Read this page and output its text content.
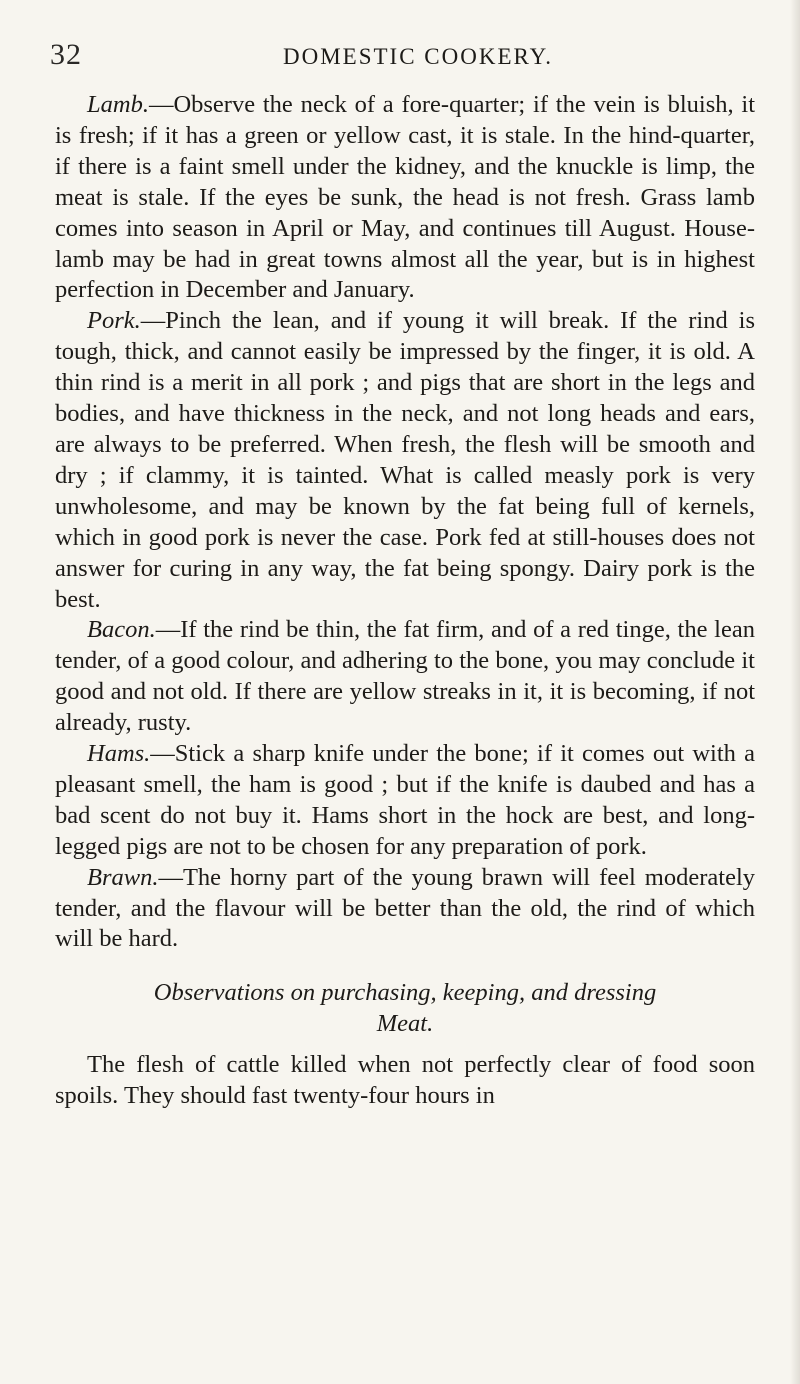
32	DOMESTIC COOKERY.

Lamb.—Observe the neck of a fore-quarter; if the vein is bluish, it is fresh; if it has a green or yellow cast, it is stale. In the hind-quarter, if there is a faint smell under the kidney, and the knuckle is limp, the meat is stale. If the eyes be sunk, the head is not fresh. Grass lamb comes into season in April or May, and continues till August. House-lamb may be had in great towns almost all the year, but is in highest perfection in December and January.

Pork.—Pinch the lean, and if young it will break. If the rind is tough, thick, and cannot easily be impressed by the finger, it is old. A thin rind is a merit in all pork ; and pigs that are short in the legs and bodies, and have thickness in the neck, and not long heads and ears, are always to be preferred. When fresh, the flesh will be smooth and dry ; if clammy, it is tainted. What is called measly pork is very unwholesome, and may be known by the fat being full of kernels, which in good pork is never the case. Pork fed at still-houses does not answer for curing in any way, the fat being spongy. Dairy pork is the best.

Bacon.—If the rind be thin, the fat firm, and of a red tinge, the lean tender, of a good colour, and adhering to the bone, you may conclude it good and not old. If there are yellow streaks in it, it is becoming, if not already, rusty.

Hams.—Stick a sharp knife under the bone; if it comes out with a pleasant smell, the ham is good ; but if the knife is daubed and has a bad scent do not buy it. Hams short in the hock are best, and long-legged pigs are not to be chosen for any preparation of pork.

Brawn.—The horny part of the young brawn will feel moderately tender, and the flavour will be better than the old, the rind of which will be hard.

Observations on purchasing, keeping, and dressing
Meat.

The flesh of cattle killed when not perfectly clear of food soon spoils. They should fast twenty-four hours in
